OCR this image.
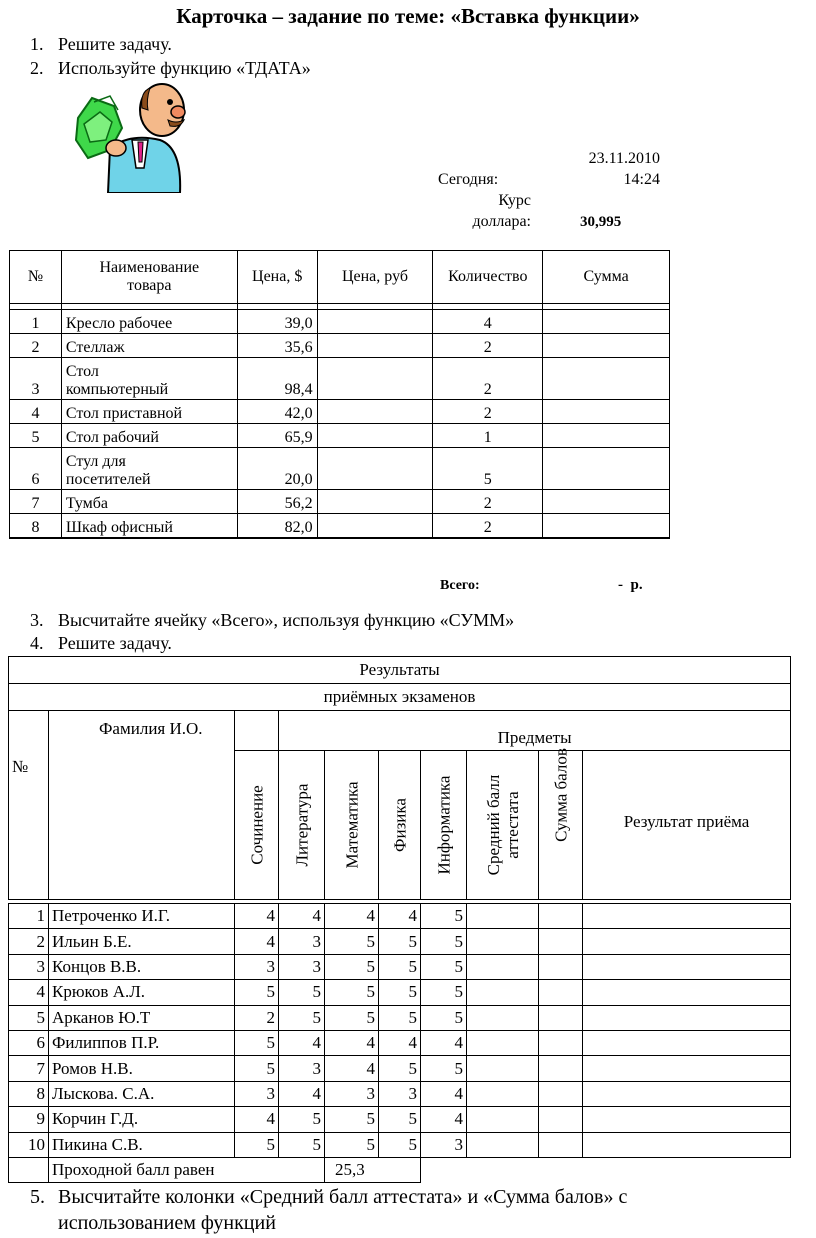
Карточка – задание по теме: «Вставка функции»
1. Решите задачу.
2. Используйте функцию «ТДАТА»
23.11.2010
Сегодня:	14:24
Курс
доллара:	30,995
№	Наименование товара	Цена, $	Цена, руб	Количество	Сумма

1	Кресло рабочее	39,0		4	
2	Стеллаж	35,6		2	
3	Стол
компьютерный	98,4		2	
4	Стол приставной	42,0		2	
5	Стол рабочий	65,9		1	
6	Стул для
посетителей	20,0		5	
7	Тумба	56,2		2	
8	Шкаф офисный	82,0		2	
Всего:	-  р.
3. Высчитайте ячейку «Всего», используя функцию «СУММ»
4. Решите задачу.
Результаты									
приёмных экзаменов									
№	Фамилия И.О.		Предметы						

		Сочинение	Литература	Математика	Физика	Информатика	Средний балл
аттестата	Сумма балов	Результат приёма
1	Петроченко И.Г.	4	4	4	4	5			
2	Ильин Б.Е.	4	3	5	5	5			
3	Концов В.В.	3	3	5	5	5			
4	Крюков А.Л.	5	5	5	5	5			
5	Арканов Ю.Т	2	5	5	5	5			
6	Филиппов П.Р.	5	4	4	4	4			
7	Ромов Н.В.	5	3	4	5	5			
8	Лыскова. С.А.	3	4	3	3	4			
9	Корчин Г.Д.	4	5	5	5	4			
10	Пикина С.В.	5	5	5	5	3			
	Проходной балл равен			25,3					
5. Высчитайте колонки «Средний балл аттестата» и «Сумма балов» с
использованием функций
